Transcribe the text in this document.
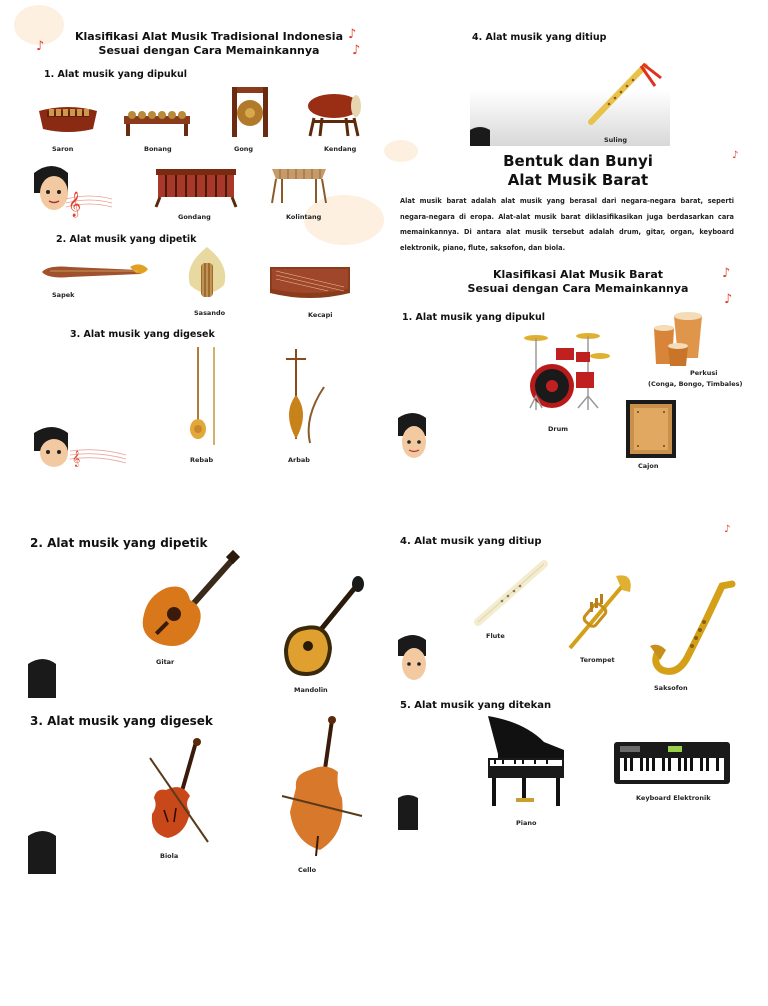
♪
♪
♪
Klasifikasi Alat Musik Tradisional Indonesia
Sesuai dengan Cara Memainkannya
1. Alat musik yang dipukul
Saron	Bonang	Gong	Kendang
𝄞	Gondang	Kolintang
2. Alat musik yang dipetik
Sapek
Sasando	Kecapi
3. Alat musik yang digesek
Rebab	Arbab
𝄞
4. Alat musik yang ditiup
Suling
♪
Bentuk dan Bunyi
Alat Musik Barat
Alat musik barat adalah alat musik yang berasal dari negara-negara barat, seperti negara-negara di eropa. Alat-alat musik barat diklasifikasikan juga berdasarkan cara memainkannya. Di antara alat musik tersebut adalah drum, gitar, organ, keyboard elektronik, piano, flute, saksofon, dan biola.
♪
♪
Klasifikasi Alat Musik Barat
Sesuai dengan Cara Memainkannya
1. Alat musik yang dipukul
Drum
Perkusi
(Conga, Bongo, Timbales)
Cajon
2. Alat musik yang dipetik
Gitar
Mandolin
3. Alat musik yang digesek
Biola
Cello
♪
4. Alat musik yang ditiup
Flute
Terompet
Saksofon
5. Alat musik yang ditekan
Piano
Keyboard Elektronik
